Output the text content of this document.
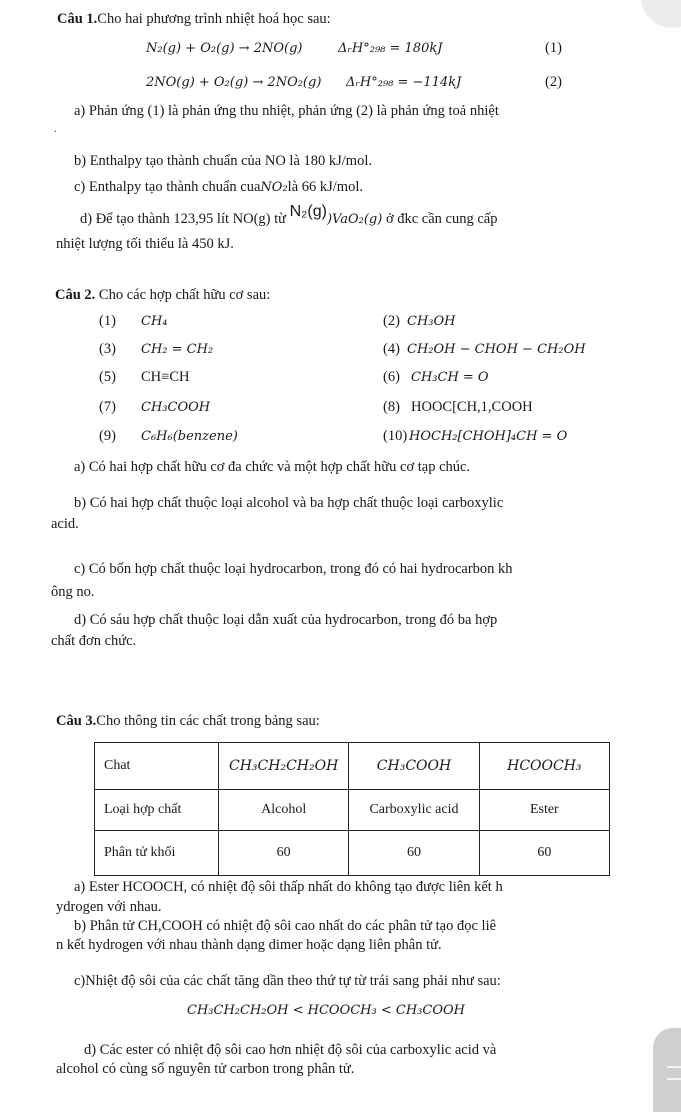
Câu 1.Cho hai phương trình nhiệt hoá học sau:
N₂(g) + O₂(g) → 2NO(g)	ΔᵣH°₂₉₈ = 180kJ	(1)
2NO(g) + O₂(g) → 2NO₂(g) ΔᵣH°₂₉₈ = −114kJ	(2)
a) Phản ứng (1) là phản ứng thu nhiệt, phản ứng (2) là phản ứng toả nhiệt
.
b) Enthalpy tạo thành chuẩn của NO là 180 kJ/mol.
c) Enthalpy tạo thành chuẩn cuaNO₂là 66 kJ/mol.
d) Để tạo thành 123,95 lít NO(g) từ N₂(g))VaO₂(g) ở đkc cần cung cấp
nhiệt lượng tối thiểu là 450 kJ.
Câu 2. Cho các hợp chất hữu cơ sau:
(1) CH₄	(2) CH₃OH
(3) CH₂ = CH₂	(4) CH₂OH − CHOH − CH₂OH
(5) CH≡CH	(6) CH₃CH = O
(7) CH₃COOH	(8) HOOC[CH,1,COOH
(9) C₆H₆(benzene)	(10) HOCH₂[CHOH]₄CH = O
a) Có hai hợp chất hữu cơ đa chức và một hợp chất hữu cơ tạp chúc.
b) Có hai hợp chất thuộc loại alcohol và ba hợp chất thuộc loại carboxylic
acid.
c) Có bốn hợp chất thuộc loại hydrocarbon, trong đó có hai hydrocarbon kh
ông no.
d) Có sáu hợp chất thuộc loại dẫn xuất của hydrocarbon, trong đó ba hợp
chất đơn chức.
Câu 3.Cho thông tin các chất trong bảng sau:
Chat	CH₃CH₂CH₂OH	CH₃COOH	HCOOCH₃
Loại hợp chất	Alcohol	Carboxylic acid	Ester
Phân tử khối	60	60	60
a) Ester HCOOCH, có nhiệt độ sôi thấp nhất do không tạo được liên kết h
ydrogen với nhau.
b) Phân tử CH,COOH có nhiệt độ sôi cao nhất do các phân tử tạo đọc liê
n kết hydrogen với nhau thành dạng dimer hoặc dạng liên phân tử.
c)Nhiệt độ sôi của các chất tăng dần theo thứ tự từ trái sang phải như sau:
CH₃CH₂CH₂OH < HCOOCH₃ < CH₃COOH
d) Các ester có nhiệt độ sôi cao hơn nhiệt độ sôi của carboxylic acid và
alcohol có cùng số nguyên tử carbon trong phân tử.
